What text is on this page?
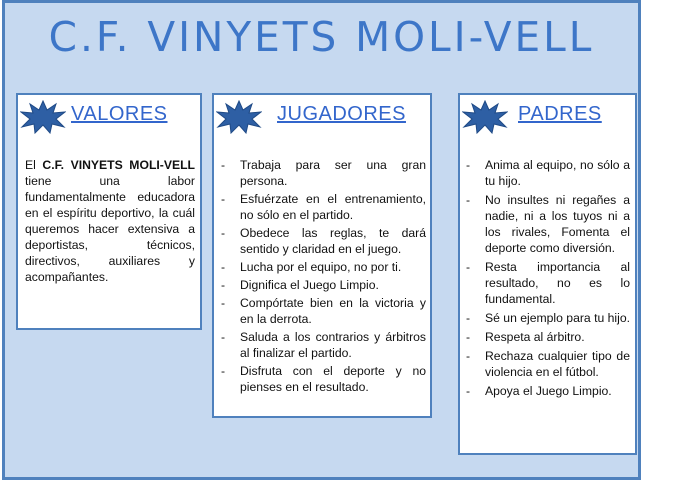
C.F. VINYETS MOLI-VELL
VALORES
El C.F. VINYETS MOLI-VELL tiene una labor fundamentalmente educadora en el espíritu deportivo, la cuál queremos hacer extensiva a deportistas, técnicos, directivos, auxiliares y acompañantes.
JUGADORES
- Trabaja para ser una gran persona.
- Esfuérzate en el entrenamiento, no sólo en el partido.
- Obedece las reglas, te dará sentido y claridad en el juego.
- Lucha por el equipo, no por ti.
- Dignifica el Juego Limpio.
- Compórtate bien en la victoria y en la derrota.
- Saluda a los contrarios y árbitros al finalizar el partido.
- Disfruta con el deporte y no pienses en el resultado.
PADRES
- Anima al equipo, no sólo a tu hijo.
- No insultes ni regañes a nadie, ni a los tuyos ni a los rivales, Fomenta el deporte como diversión.
- Resta importancia al resultado, no es lo fundamental.
- Sé un ejemplo para tu hijo.
- Respeta al árbitro.
- Rechaza cualquier tipo de violencia en el fútbol.
- Apoya el Juego Limpio.
